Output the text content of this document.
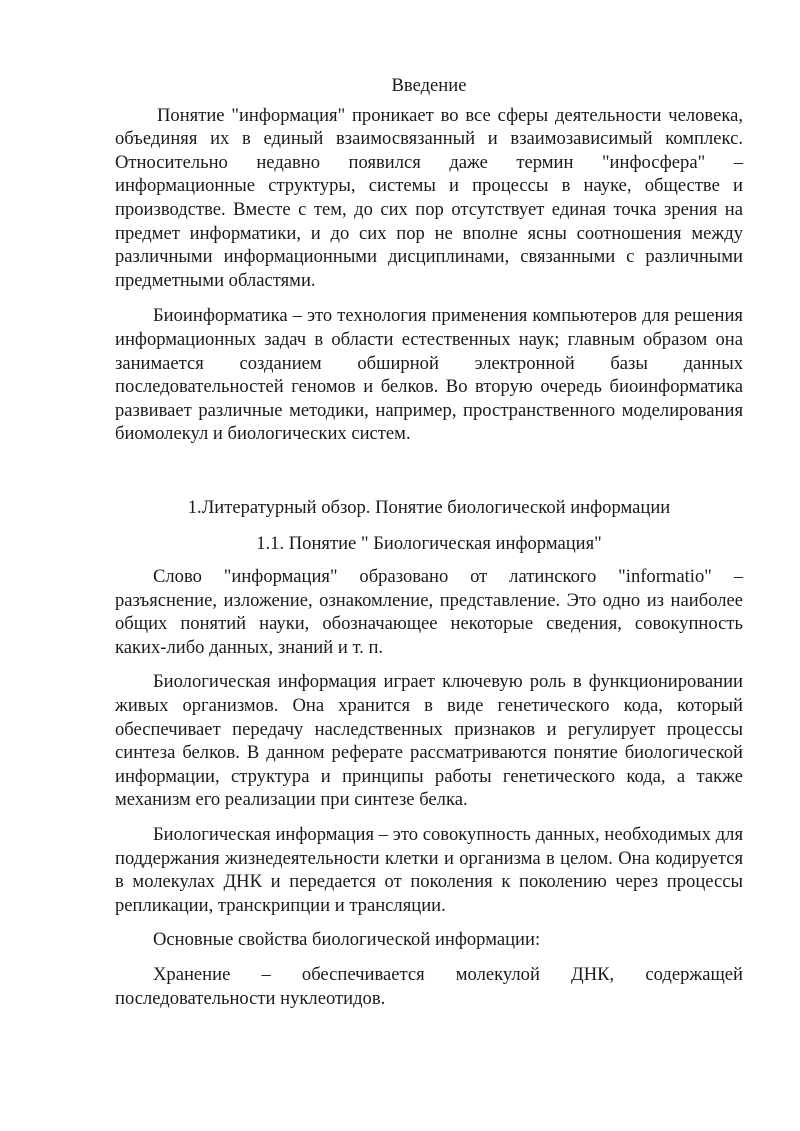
Введение

Понятие "информация" проникает во все сферы деятельности человека, объединяя их в единый взаимосвязанный и взаимозависимый комплекс. Относительно недавно появился даже термин "инфосфера" – информационные структуры, системы и процессы в науке, обществе и производстве. Вместе с тем, до сих пор отсутствует единая точка зрения на предмет информатики, и до сих пор не вполне ясны соотношения между различными информационными дисциплинами, связанными с различными предметными областями.

Биоинформатика – это технология применения компьютеров для решения информационных задач в области естественных наук; главным образом она занимается созданием обширной электронной базы данных последовательностей геномов и белков. Во вторую очередь биоинформатика развивает различные методики, например, пространственного моделирования биомолекул и биологических систем.

1.Литературный обзор. Понятие биологической информации

1.1. Понятие " Биологическая информация"

Слово "информация" образовано от латинского "informatio" – разъяснение, изложение, ознакомление, представление. Это одно из наиболее общих понятий науки, обозначающее некоторые сведения, совокупность каких-либо данных, знаний и т. п.

Биологическая информация играет ключевую роль в функционировании живых организмов. Она хранится в виде генетического кода, который обеспечивает передачу наследственных признаков и регулирует процессы синтеза белков. В данном реферате рассматриваются понятие биологической информации, структура и принципы работы генетического кода, а также механизм его реализации при синтезе белка.

Биологическая информация – это совокупность данных, необходимых для поддержания жизнедеятельности клетки и организма в целом. Она кодируется в молекулах ДНК и передается от поколения к поколению через процессы репликации, транскрипции и трансляции.

Основные свойства биологической информации:

Хранение – обеспечивается молекулой ДНК, содержащей последовательности нуклеотидов.
